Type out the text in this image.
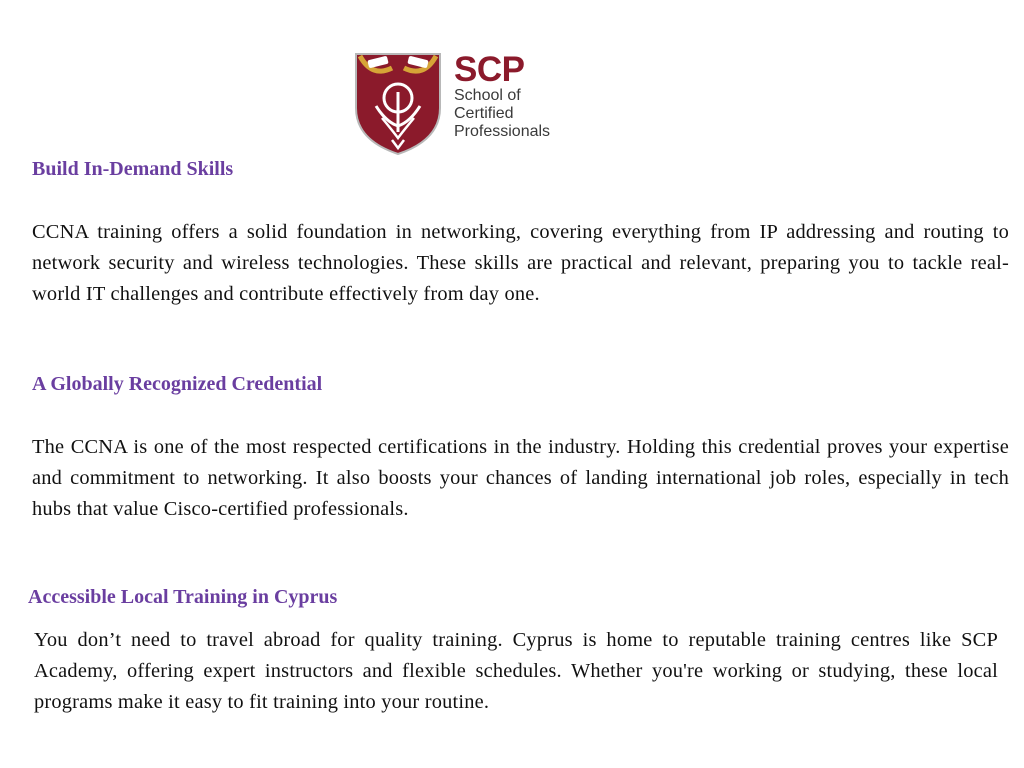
SCP
School of
Certified
Professionals
Build In-Demand Skills

CCNA training offers a solid foundation in networking, covering everything from IP addressing and routing to network security and wireless technologies. These skills are practical and relevant, preparing you to tackle real-world IT challenges and contribute effectively from day one.

A Globally Recognized Credential

The CCNA is one of the most respected certifications in the industry. Holding this credential proves your expertise and commitment to networking. It also boosts your chances of landing international job roles, especially in tech hubs that value Cisco-certified professionals.

Accessible Local Training in Cyprus

You don’t need to travel abroad for quality training. Cyprus is home to reputable training centres like SCP Academy, offering expert instructors and flexible schedules. Whether you're working or studying, these local programs make it easy to fit training into your routine.
